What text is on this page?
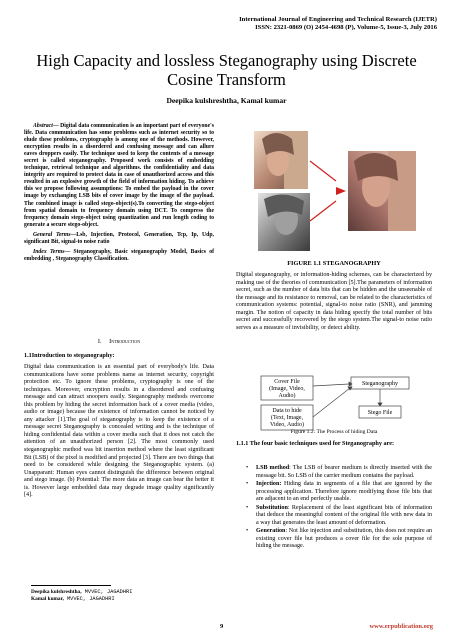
International Journal of Engineering and Technical Research (IJETR)
ISSN: 2321-0869 (O) 2454-4698 (P), Volume-5, Issue-3, July 2016
High Capacity and lossless Steganography using Discrete Cosine Transform
Deepika kulshreshtha, Kamal kumar
Abstract— Digital data communication is an important part of everyone's life. Data communication has some problems such as internet security so to elude these problems, cryptography is among one of the methods. However, encryption results in a disordered and confusing message and can allure eaves droppers easily. The technique used to keep the contents of a message secret is called steganography. Proposed work consists of embedding technique, retrieval technique and algorithms. the confidentiality and data integrity are required to protect data in case of unauthorized access and this resulted in an explosive growth of the field of information hiding. To achieve this we propose following assumptions: To embed the payload in the cover image by exchanging LSB bits of cover image by the image of the payload. The combined image is called stego-object(s).To converting the stego-object from spatial domain to frequency domain using DCT. To compress the frequency domain stego-object using quantization and run length coding to generate a secure stego-object.
General Terms—Lsb, Injection, Protocol, Generation, Tcp, Ip, Udp, significant Bit, signal-to noise ratio
Index Terms— Steganography, Basic steganography Model, Basics of embedding , Steganography Classification.
I. Introduction
1.1Introduction to steganography:
Digital data communication is an essential part of everybody's life. Data communications have some problems name as internet security, copyright protection etc. To ignore these problems, cryptography is one of the techniques. Moreover, encryption results in a disordered and confusing message and can attract snoopers easily. Steganography methods overcome this problem by hiding the secret information back of a cover media (video, audio or image) because the existence of information cannot be noticed by any attacker [1].The goal of steganography is to keep the existence of a message secret Steganography is concealed writing and is the technique of hiding confidential data within a cover media such that it does not catch the attention of an unauthorized person [2]. The most commonly used steganographic method was bit insertion method where the least significant Bit (LSB) of the pixel is modified and projected [3]. There are two things that need to be considered while designing the Steganographic system. (a) Unapparant: Human eyes cannot distinguish the difference between original and stego image. (b) Potential: The more data an image can bear the better it is. However large embedded data may degrade image quality significantly [4].
FIGURE 1.1 STEGANOGRAPHY
Digital steganography, or information-hiding schemes, can be characterized by making use of the theories of communication [5].The parameters of information secret, such as the number of data bits that can be hidden and the unseenable of the message and its resistance to removal, can be related to the characteristics of communication systems: potential, signal-to noise ratio (SNR), and jamming margin. The notion of capacity in data hiding specify the total number of bits secret and successfully recovered by the stego system.The signal-to noise ratio serves as a measure of invisibility, or detect ability.
Cover File
(Image, Video,
Audio)
Data to hide
(Text, Image,
Video, Audio)
Steganography
Stego File
Figure 1.2: The Process of hiding Data
1.1.1 The four basic techniques used for Steganography are:
• LSB method: The LSB of bearer medium is directly inserted with the message bit. So LSB of the carrier medium contains the payload.
• Injection: Hiding data in segments of a file that are ignored by the processing application. Therefore ignore modifying those file bits that are adjacent to an end perfectly usable.
• Substitution: Replacement of the least significant bits of information that deduce the meaningful content of the original file with new data in a way that generates the least amount of deformation.
• Generation: Not like injection and substitution, this does not require an existing cover file but produces a cover file for the sole purpose of hiding the message.
Deepika kulshreshtha, MVVEC, JAGADHRI
Kamal kumar, MVVEC, JAGADHRI
9	www.erpublication.org
